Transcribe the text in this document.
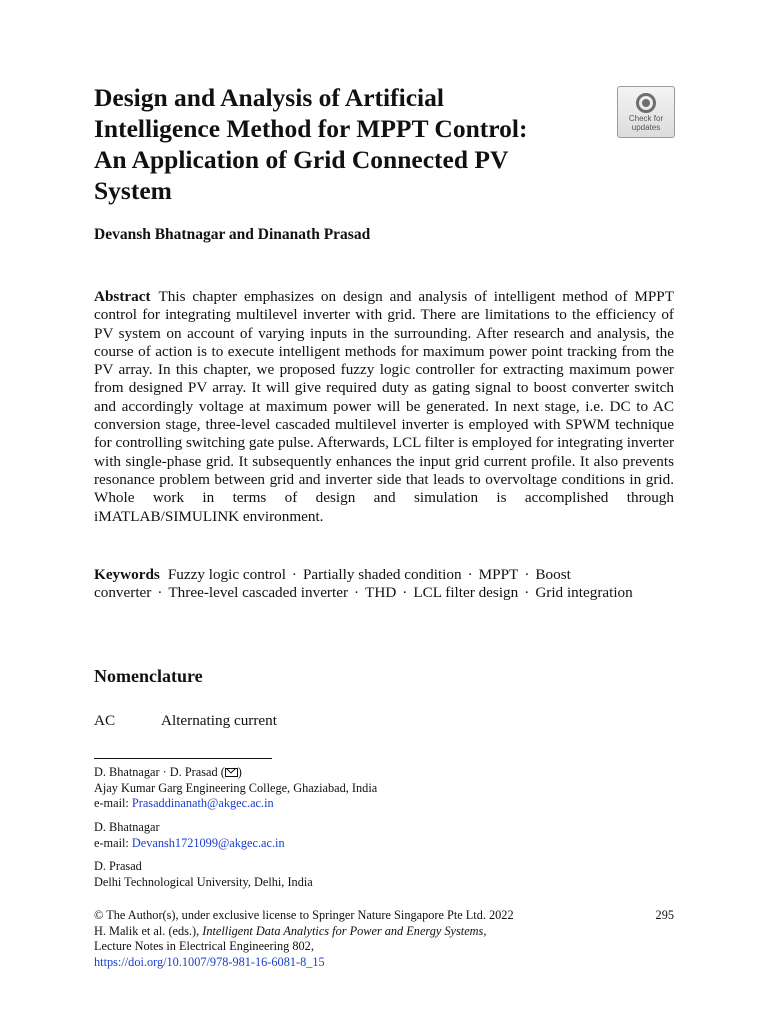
Design and Analysis of Artificial
Intelligence Method for MPPT Control:
An Application of Grid Connected PV
System
Check for
updates

Devansh Bhatnagar and Dinanath Prasad

Abstract This chapter emphasizes on design and analysis of intelligent method of MPPT control for integrating multilevel inverter with grid. There are limitations to the efficiency of PV system on account of varying inputs in the surrounding. After research and analysis, the course of action is to execute intelligent methods for maximum power point tracking from the PV array. In this chapter, we proposed fuzzy logic controller for extracting maximum power from designed PV array. It will give required duty as gating signal to boost converter switch and accordingly voltage at maximum power will be generated. In next stage, i.e. DC to AC conversion stage, three-level cascaded multilevel inverter is employed with SPWM technique for controlling switching gate pulse. Afterwards, LCL filter is employed for integrating inverter with single-phase grid. It subsequently enhances the input grid current profile. It also prevents resonance problem between grid and inverter side that leads to overvoltage conditions in grid. Whole work in terms of design and simulation is accomplished through iMATLAB/SIMULINK environment.

Keywords Fuzzy logic control · Partially shaded condition · MPPT · Boost converter · Three-level cascaded inverter · THD · LCL filter design · Grid integration

Nomenclature
AC	Alternating current
D. Bhatnagar · D. Prasad ( )
Ajay Kumar Garg Engineering College, Ghaziabad, India
e-mail: Prasaddinanath@akgec.ac.in
D. Bhatnagar
e-mail: Devansh1721099@akgec.ac.in
D. Prasad
Delhi Technological University, Delhi, India
295
© The Author(s), under exclusive license to Springer Nature Singapore Pte Ltd. 2022
H. Malik et al. (eds.), Intelligent Data Analytics for Power and Energy Systems,
Lecture Notes in Electrical Engineering 802,
https://doi.org/10.1007/978-981-16-6081-8_15
